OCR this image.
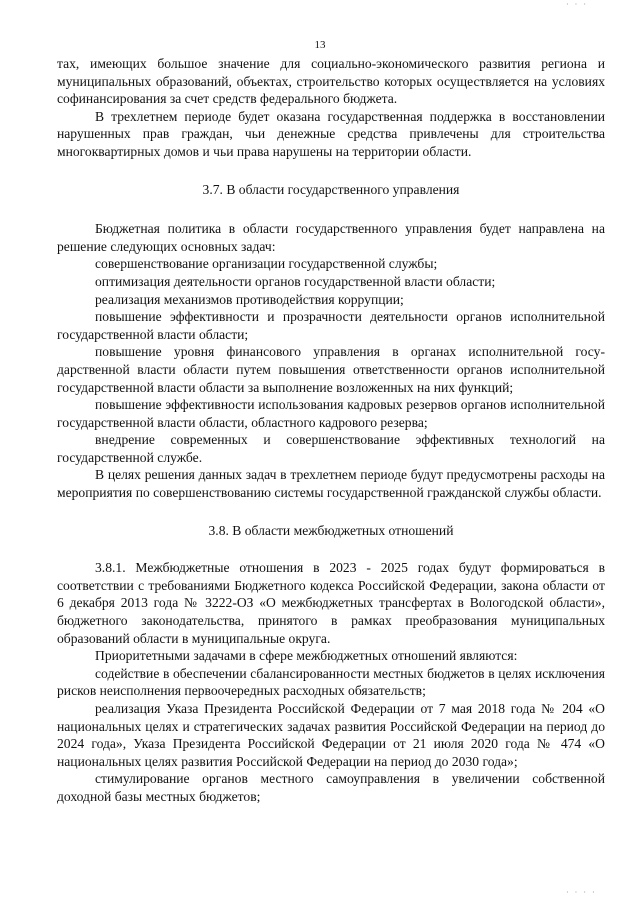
· · ·
13

тах, имеющих большое значение для социально-экономического развития региона и муниципальных образований, объектах, строительство которых осуществляется на условиях софинансирования за счет средств федерального бюджета.

В трехлетнем периоде будет оказана государственная поддержка в восстановлении нарушенных прав граждан, чьи денежные средства привлечены для строительства многоквартирных домов и чьи права нарушены на территории области.

3.7. В области государственного управления

Бюджетная политика в области государственного управления будет направлена на решение следующих основных задач:

совершенствование организации государственной службы;

оптимизация деятельности органов государственной власти области;

реализация механизмов противодействия коррупции;

повышение эффективности и прозрачности деятельности органов исполнительной государственной власти области;

повышение уровня финансового управления в органах исполнительной государственной власти области путем повышения ответственности органов исполнительной государственной власти области за выполнение возложенных на них функций;

повышение эффективности использования кадровых резервов органов исполнительной государственной власти области, областного кадрового резерва;

внедрение современных и совершенствование эффективных технологий на государственной службе.

В целях решения данных задач в трехлетнем периоде будут предусмотрены расходы на мероприятия по совершенствованию системы государственной гражданской службы области.

3.8. В области межбюджетных отношений

3.8.1. Межбюджетные отношения в 2023 - 2025 годах будут формироваться в соответствии с требованиями Бюджетного кодекса Российской Федерации, закона области от 6 декабря 2013 года № 3222-ОЗ «О межбюджетных трансфертах в Вологодской области», бюджетного законодательства, принятого в рамках преобразования муниципальных образований области в муниципальные округа.

Приоритетными задачами в сфере межбюджетных отношений являются:

содействие в обеспечении сбалансированности местных бюджетов в целях исключения рисков неисполнения первоочередных расходных обязательств;

реализация Указа Президента Российской Федерации от 7 мая 2018 года № 204 «О национальных целях и стратегических задачах развития Российской Федерации на период до 2024 года», Указа Президента Российской Федерации от 21 июля 2020 года № 474 «О национальных целях развития Российской Федерации на период до 2030 года»;

стимулирование органов местного самоуправления в увеличении собственной доходной базы местных бюджетов;

· · · ·
